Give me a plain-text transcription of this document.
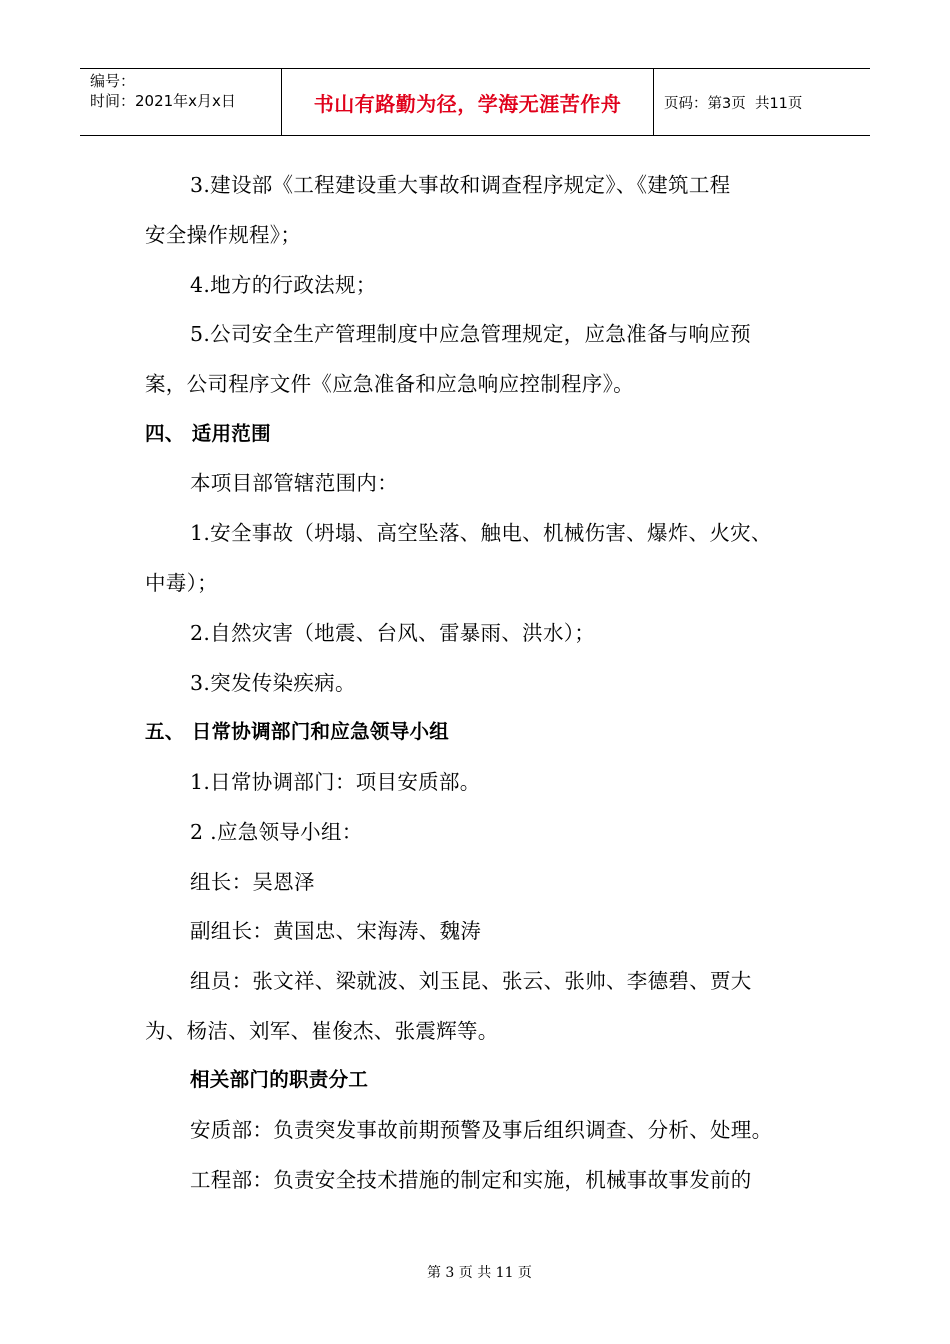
编号：
时间：2021年x月x日	书山有路勤为径，学海无涯苦作舟	页码：第3页  共11页
3.建设部《工程建设重大事故和调查程序规定》、《建筑工程
安全操作规程》；
4.地方的行政法规；
5.公司安全生产管理制度中应急管理规定，应急准备与响应预
案，公司程序文件《应急准备和应急响应控制程序》。
四、 适用范围
本项目部管辖范围内：
1.安全事故（坍塌、高空坠落、触电、机械伤害、爆炸、火灾、
中毒）；
2.自然灾害（地震、台风、雷暴雨、洪水）；
3.突发传染疾病。
五、 日常协调部门和应急领导小组
1.日常协调部门：项目安质部。
2 .应急领导小组：
组长：吴恩泽
副组长：黄国忠、宋海涛、魏涛
组员：张文祥、梁就波、刘玉昆、张云、张帅、李德碧、贾大
为、杨洁、刘军、崔俊杰、张震辉等。
相关部门的职责分工
安质部：负责突发事故前期预警及事后组织调查、分析、处理。
工程部：负责安全技术措施的制定和实施，机械事故事发前的

第 3 页 共 11 页
